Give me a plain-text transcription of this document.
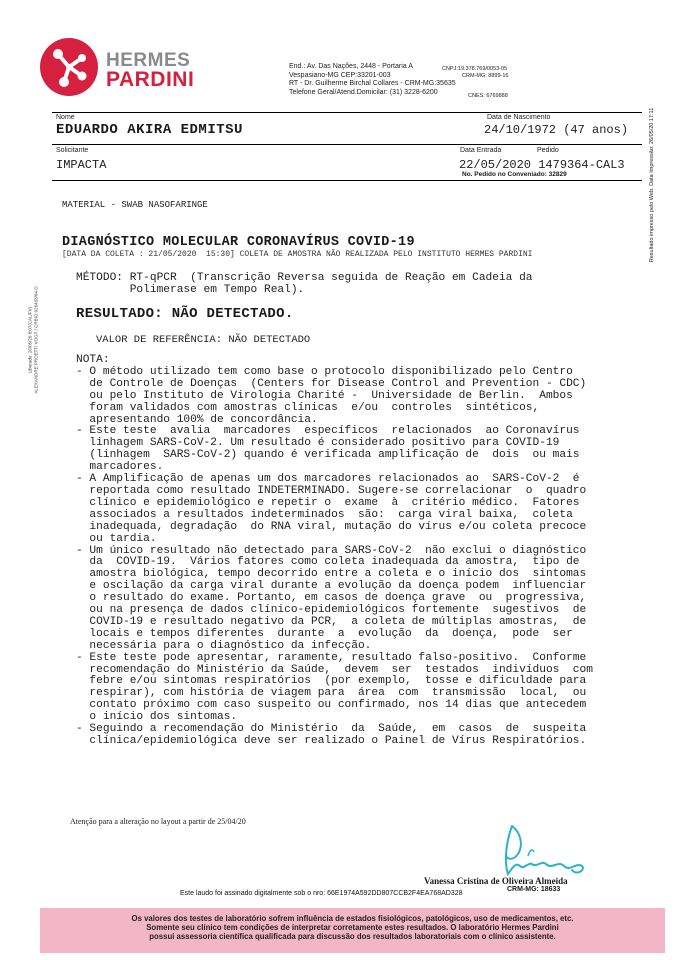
HERMES
PARDINI
End.: Av. Das Nações, 2448 - Portaria A
Vespasiano-MG CEP:33201-003
RT - Dr. Guilherme Birchal Collares - CRM-MG:35635
Telefone Geral/Atend.Domicilar: (31) 3228-6200
CNPJ:19.378.769/0053-05
CRM-MG: 8899-16
CNES: 6769888
Nome	Data de Nascimento
EDUARDO AKIRA EDMITSU	24/10/1972 (47 anos)
Solicitante	Data Entrada	Pedido
IMPACTA	22/05/2020 1479364-CAL3
No. Pedido no Conveniado: 32829	Resultado impresso pelo Web. Data Impressão: 26/05/20 17:11
Liberado: 26/05/20 8:07(CAL/FV)
ALEXANDRE PROETTI VOGT / CRBIO 026493/04-D
MATERIAL - SWAB NASOFARINGE
DIAGNÓSTICO MOLECULAR CORONAVÍRUS COVID-19
[DATA DA COLETA : 21/05/2020  15:30] COLETA DE AMOSTRA NÃO REALIZADA PELO INSTITUTO HERMES PARDINI
MÉTODO: RT-qPCR  (Transcrição Reversa seguida de Reação em Cadeia da
Polimerase em Tempo Real).
RESULTADO: NÃO DETECTADO.
VALOR DE REFERÊNCIA: NÃO DETECTADO
NOTA:
- O método utilizado tem como base o protocolo disponibilizado pelo Centro
de Controle de Doenças  (Centers for Disease Control and Prevention - CDC)
ou pelo Instituto de Virologia Charité -  Universidade de Berlin.  Ambos
foram validados com amostras clínicas  e/ou  controles  sintéticos,
apresentando 100% de concordância.
- Este teste  avalia  marcadores  específicos  relacionados  ao Coronavírus
linhagem SARS-CoV-2. Um resultado é considerado positivo para COVID-19
(linhagem  SARS-CoV-2) quando é verificada amplificação de  dois  ou mais
marcadores.
- A Amplificação de apenas um dos marcadores relacionados ao  SARS-CoV-2  é
reportada como resultado INDETERMINADO. Sugere-se correlacionar  o  quadro
clínico e epidemiológico e repetir o  exame  à  critério médico.  Fatores
associados a resultados indeterminados  são:  carga viral baixa,  coleta
inadequada, degradação  do RNA viral, mutação do vírus e/ou coleta precoce
ou tardia.
- Um único resultado não detectado para SARS-CoV-2  não exclui o diagnóstico
da  COVID-19.  Vários fatores como coleta inadequada da amostra,  tipo de
amostra biológica, tempo decorrido entre a coleta e o início dos  sintomas
e oscilação da carga viral durante a evolução da doença podem  influenciar
o resultado do exame. Portanto, em casos de doença grave  ou  progressiva,
ou na presença de dados clínico-epidemiológicos fortemente  sugestivos  de
COVID-19 e resultado negativo da PCR,  a coleta de múltiplas amostras,  de
locais e tempos diferentes  durante  a  evolução  da  doença,  pode  ser
necessária para o diagnóstico da infecção.
- Este teste pode apresentar, raramente, resultado falso-positivo.  Conforme
recomendação do Ministério da Saúde,  devem  ser  testados  indivíduos  com
febre e/ou sintomas respiratórios  (por exemplo,  tosse e dificuldade para
respirar), com história de viagem para  área  com  transmissão  local,  ou
contato próximo com caso suspeito ou confirmado, nos 14 dias que antecedem
o início dos sintomas.
- Seguindo a recomendação do Ministério  da  Saúde,  em  casos  de  suspeita
clínica/epidemiológica deve ser realizado o Painel de Vírus Respiratórios.
Atenção para a alteração no layout a partir de 25/04/20
Vanessa Cristina de Oliveira Almeida
CRM-MG: 18633
Este laudo foi assinado digitalmente sob o nro: 66E1974A592DD807CCB2F4EA768AD328
Os valores dos testes de laboratório sofrem influência de estados fisiológicos, patológicos, uso de medicamentos, etc.
Somente seu clínico tem condições de interpretar corretamente estes resultados. O laboratório Hermes Pardini
possui assessoria científica qualificada para discussão dos resultados laboratoriais com o clínico assistente.
